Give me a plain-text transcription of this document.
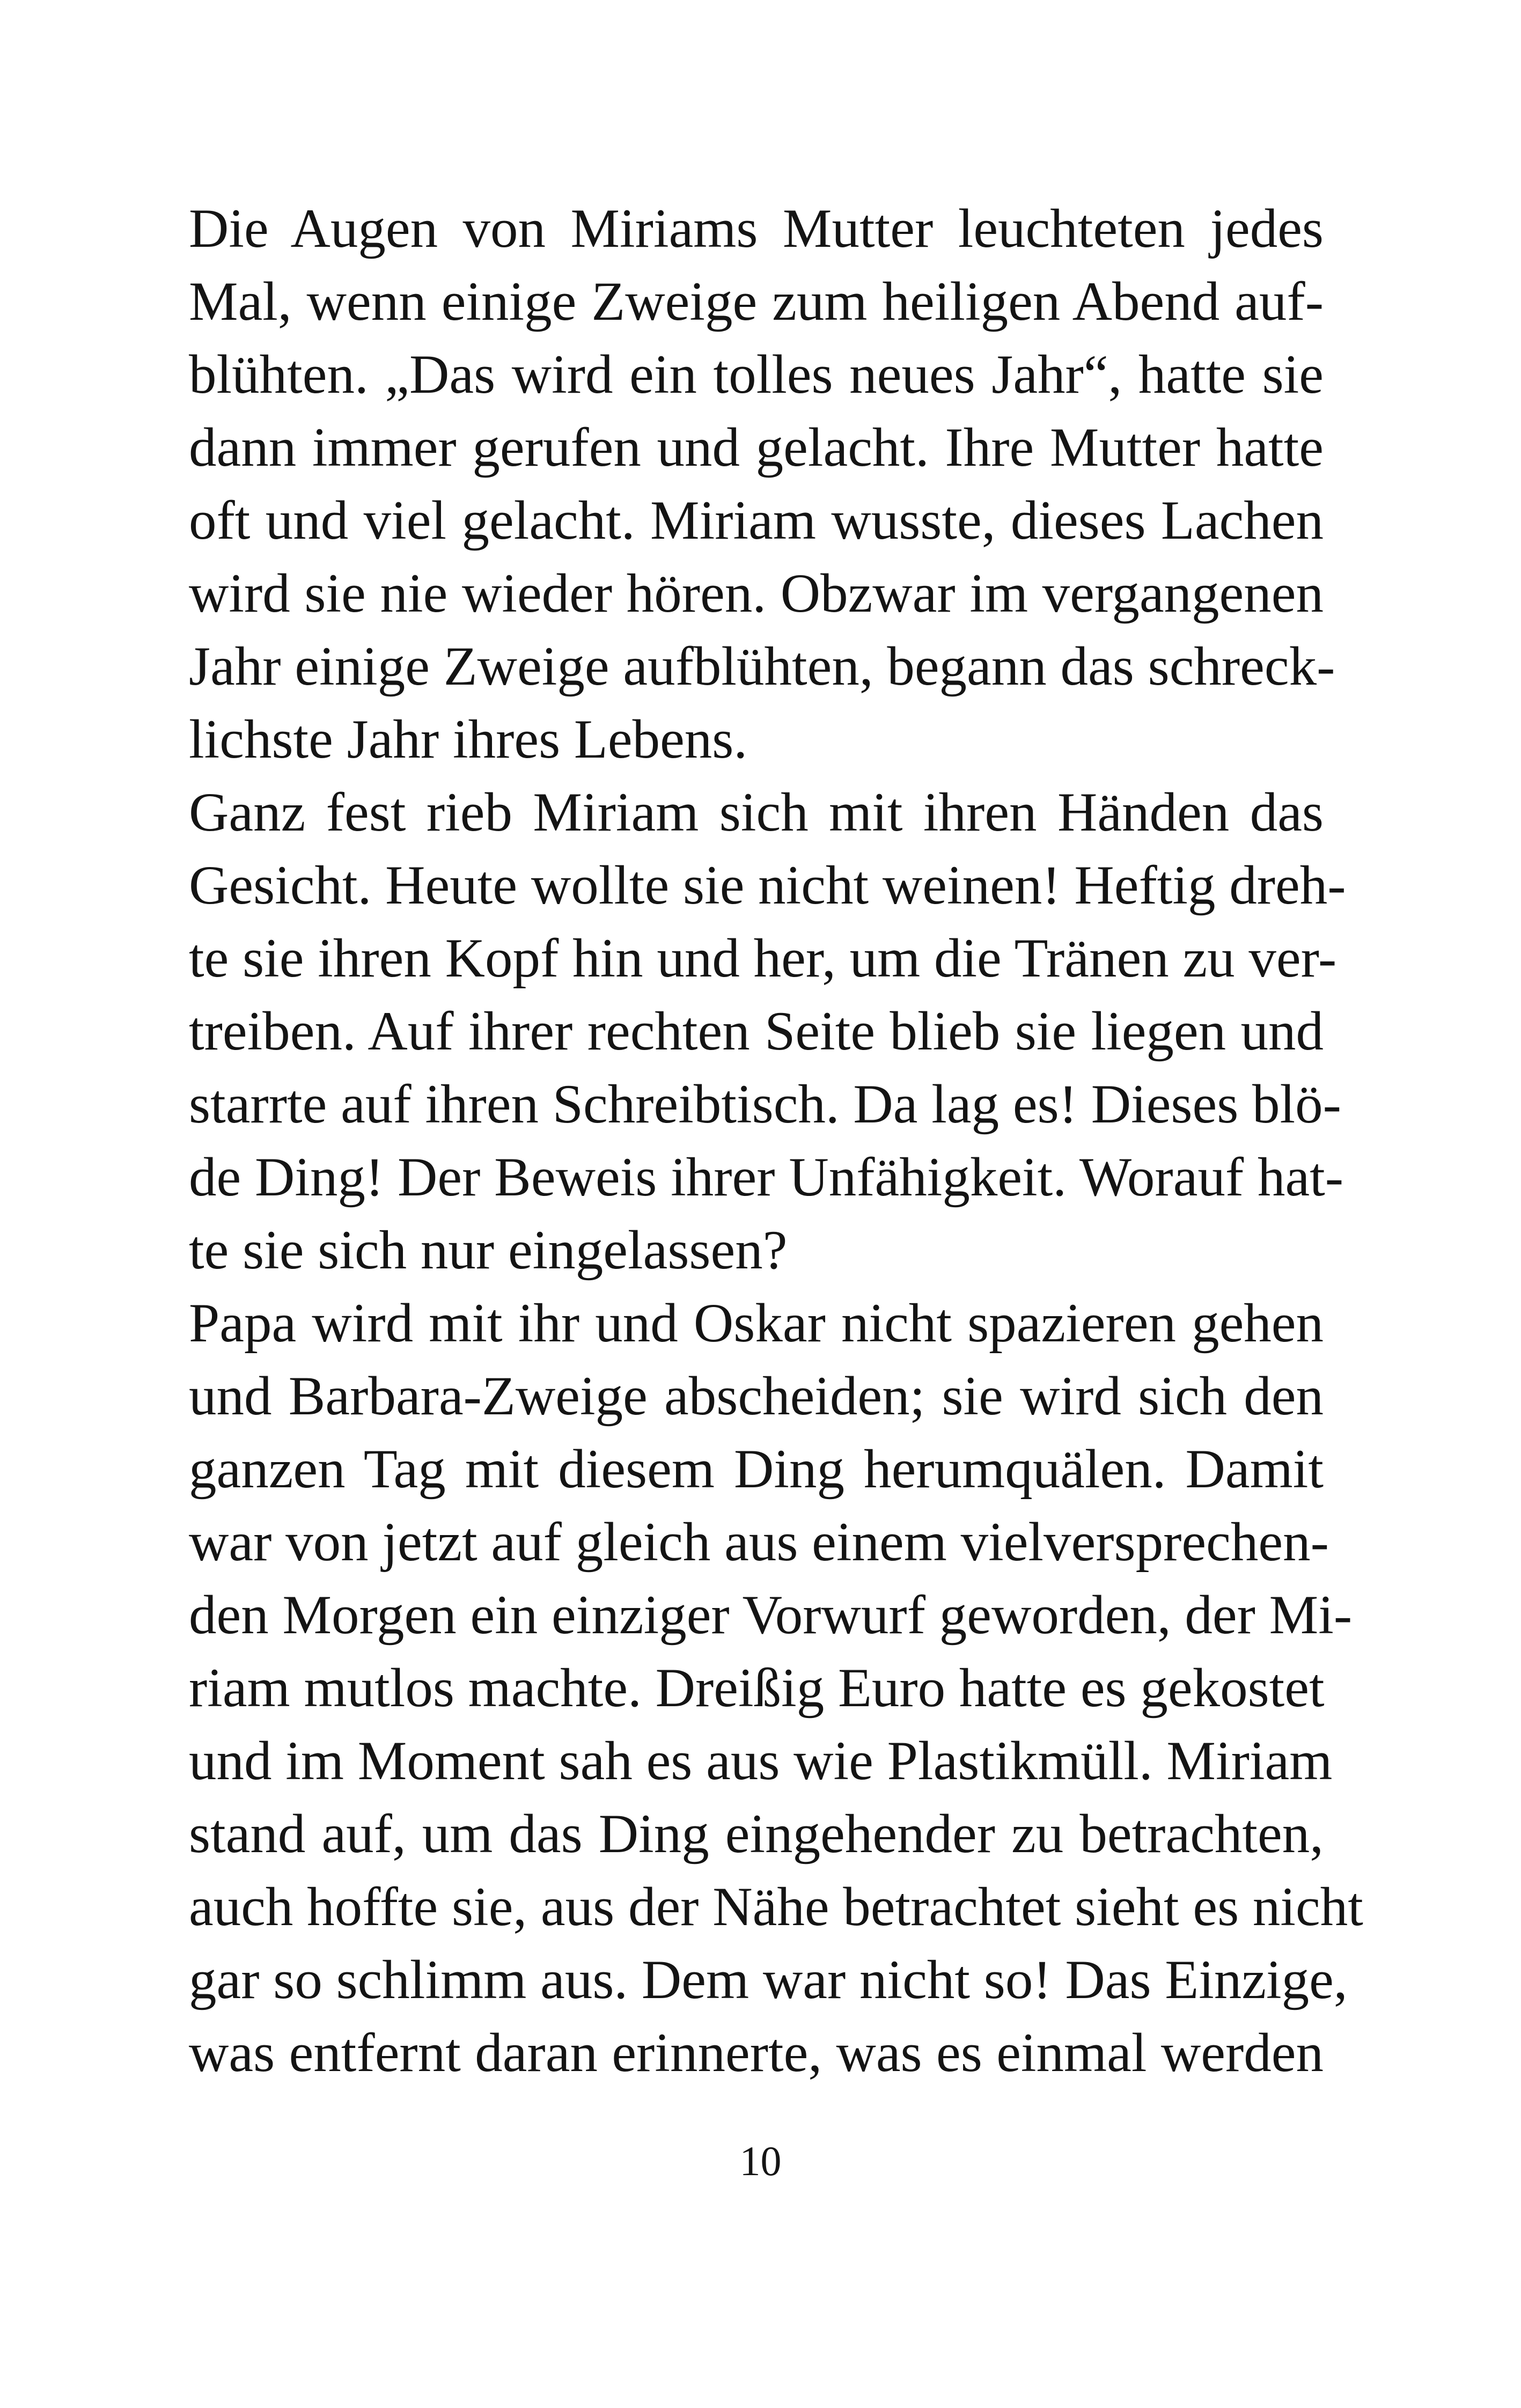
Die Augen von Miriams Mutter leuchteten jedes
Mal, wenn einige Zweige zum heiligen Abend auf-
blühten. „Das wird ein tolles neues Jahr“, hatte sie
dann immer gerufen und gelacht. Ihre Mutter hatte
oft und viel gelacht. Miriam wusste, dieses Lachen
wird sie nie wieder hören. Obzwar im vergangenen
Jahr einige Zweige aufblühten, begann das schreck-
lichste Jahr ihres Lebens.
Ganz fest rieb Miriam sich mit ihren Händen das
Gesicht. Heute wollte sie nicht weinen! Heftig dreh-
te sie ihren Kopf hin und her, um die Tränen zu ver-
treiben. Auf ihrer rechten Seite blieb sie liegen und
starrte auf ihren Schreibtisch. Da lag es! Dieses blö-
de Ding! Der Beweis ihrer Unfähigkeit. Worauf hat-
te sie sich nur eingelassen?
Papa wird mit ihr und Oskar nicht spazieren gehen
und Barbara-Zweige abscheiden; sie wird sich den
ganzen Tag mit diesem Ding herumquälen. Damit
war von jetzt auf gleich aus einem vielversprechen-
den Morgen ein einziger Vorwurf geworden, der Mi-
riam mutlos machte. Dreißig Euro hatte es gekostet
und im Moment sah es aus wie Plastikmüll. Miriam
stand auf, um das Ding eingehender zu betrachten,
auch hoffte sie, aus der Nähe betrachtet sieht es nicht
gar so schlimm aus. Dem war nicht so! Das Einzige,
was entfernt daran erinnerte, was es einmal werden
10
